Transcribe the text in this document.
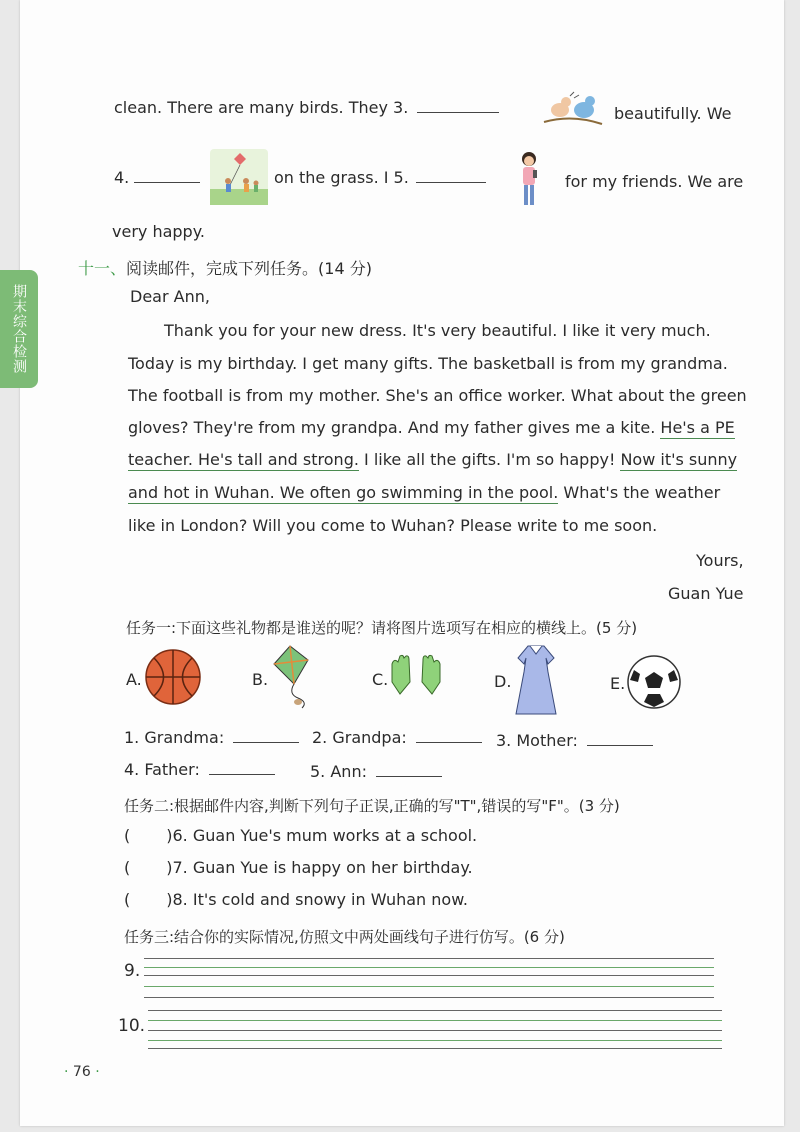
clean. There are many birds. They 3.	beautifully. We
4.	on the grass. I 5.	for my friends. We are
very happy.
十一、阅读邮件，完成下列任务。(14 分)
Dear Ann,
Thank you for your new dress. It's very beautiful. I like it very much.
Today is my birthday. I get many gifts. The basketball is from my grandma.
The football is from my mother. She's an office worker. What about the green
gloves? They're from my grandpa. And my father gives me a kite. He's a PE
teacher. He's tall and strong. I like all the gifts. I'm so happy! Now it's sunny
and hot in Wuhan. We often go swimming in the pool. What's the weather
like in London? Will you come to Wuhan? Please write to me soon.
Yours,
Guan Yue
任务一:下面这些礼物都是谁送的呢？请将图片选项写在相应的横线上。(5 分)
A.	B.	C.	D.	E.
1. Grandma:	2. Grandpa:	3. Mother:
4. Father:	5. Ann:
任务二:根据邮件内容,判断下列句子正误,正确的写"T",错误的写"F"。(3 分)
( )6. Guan Yue's mum works at a school.
( )7. Guan Yue is happy on her birthday.
( )8. It's cold and snowy in Wuhan now.
任务三:结合你的实际情况,仿照文中两处画线句子进行仿写。(6 分)
9.
10.
· 76 ·
期末综合检测
